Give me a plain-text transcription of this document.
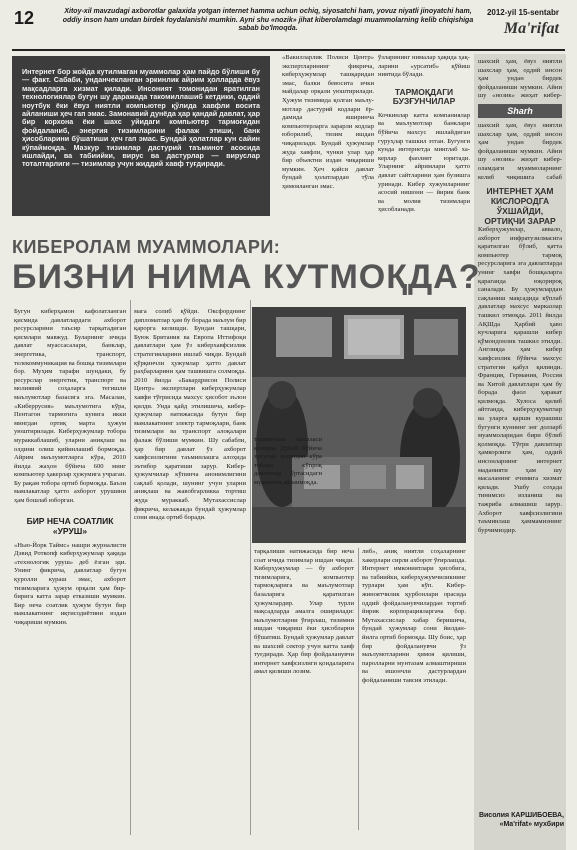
12	Xitoy-xil mavzudagi axborotlar galaxida yotgan internet hamma uchun ochiq, siyosatchi ham, yovuz niyatli jinoyatchi ham, oddiy inson ham undan birdek foydalanishi mumkin. Ayni shu «nozik» jihat kiberolamdagi muammolarning kelib chiqishiga sabab bo'lmoqda.
2012-yil 15-sentabr
Ma'rifat
Интернет бор жойда кутилмаган муаммолар ҳам пайдо бўлиши бу — факт. Сабаби, унданчекланган эркинлик айрим ҳолларда ёвуз мақсадларга хизмат қилади. Инсоният томонидан яратилган технологиялар бугун шу даражада такомиллашиб кетдики, оддий ноутбук ёки ёвуз ниятли компьютер қўлида хавфли восита айланиши ҳеч гап эмас. Замонавий дунёда ҳар қандай давлат, ҳар бир корхона ёки шахс уйидаги компьютер тармоғидан фойдаланиб, энергия тизимларини фалаж этиши, банк ҳисобларини бўшатиши ҳеч гап эмас. Бундай ҳолатлар кун сайин кўпаймоқда. Мазкур тизимлар дастурий таъминот асосида ишлайди, ва табиийки, вирус ва дастурлар — вируслар тоталтарлиги — тизимлар учун жиддий хавф туғдиради.
«Вакилларлик Полиси Центр» экспертларининг фикрича, киберҳужумлар ташқаридан эмас, балки бевосита ички майдалар орқали уюштирилади. Ҳужум тизимида қолган маълумотлар дастурий кодлари ёрдамида яширинча компьютерларга зарарли кодлар юборилиб, тизим ишдан чиқарилади. Бундай ҳужумлар жуда хавфли, чунки улар ҳар бир объектни издан чиқариши мумкин. Ҳеч қайси давлат бундай ҳолатлардан тўла ҳимояланган эмас.
ўзларининг нималар ҳақида ҳақларини «урсатиб» қўйиш ниятида бўлади.
ТАРМОҚДАГИ БУЗҒУНЧИЛАР
Кочкинлар катта компаниялар ва маълумотлар банклари бўйича махсус ишлайдиган гуруҳлар ташкил этган. Бугунги кунда интернетда минглаб хакерлар фаолият юритади. Уларнинг айримлари ҳатто давлат сайтларини ҳам бузишга уринади. Кибер хужумларнинг асосий нишони — йирик банк ва молия тизимлари ҳисобланади.
шахсий ҳам, ёвуз ниятли шахслар ҳам, оддий инсон ҳам ундан бирдек фойдаланиши мумкин. Айни шу «нозик» жиҳат кибер
Sharh
шахсий ҳам, ёвуз ниятли шахслар ҳам, оддий инсон ҳам ундан бирдек фойдаланиши мумкин. Айни шу «нозик» жиҳат кибероламдаги муаммоларнинг келиб чиқишига сабаб
ИНТЕРНЕТ ҲАМ КИСЛОРОДГА ЎХШАЙДИ, ОРТИҚЧИ ЗАРАР
Киберҳужумлар, аввало, ахборот инфратузилмасига қаратилган бўлиб, қатта компьютер тармоқ ресурсларига эга давлатларда унинг хавфи бошқаларга қараганда юқорироқ саналади. Бу ҳужумлардан сақланиш мақсадида кўплаб давлатлар махсус марказлар ташкил этмоқда. 2011 йилда АҚШда Ҳарбий ҳаво кучларига қарашли кибер қўмондонлик ташкил этилди. Англияда ҳам кибер хавфсизлик бўйича махсус стратегия қабул қилинди. Франция, Германия, Россия ва Хитой давлатлари ҳам бу борада фаол ҳаракат қилмоқда. Хулоса қилиб айтганда, киберҳуқуматлар ва уларга қарши курашиш бугунги куннинг энг долзарб муаммоларидан бири бўлиб қолмоқда. Тўғри давлатлар ҳамкорлиги ҳам, оддий инсонларнинг интернет маданияти ҳам шу масаланинг ечимига хизмат қилади. Ушбу соҳада тинимсиз изланиш ва тажриба алмашиш зарур. Ахборот хавфсизлигини таъминлаш ҳаммамизнинг бурчимиздир.
Висолия КАРШИБОЕВА,
«Ma'rifat» мухбири
КИБЕРОЛАМ МУАММОЛАРИ:
БИЗНИ НИМА КУТМОҚДА?
Бугун киберҳамон кафолатланган қисмида давлатлардаги ахборот ресурсларини таъсир тарқатадиган қисмлари мавжуд. Буларнинг ичида давлат муассасалари, банклар, энергетика, транспорт, телекоммуникация ва бошқа тизимлари бор. Муҳим тарафи шундаки, бу ресурслар энергетик, транспорт ва молиявий соҳаларга тегишли маълумотлар базасига эга. Масалан, «Киберрусия» маълумотига кўра, Пентагон тармоғига кунига икки мингдан ортиқ марта ҳужум уюштирилади. Киберҳужумлар тобора мураккаблашиб, уларни аниқлаш ва олдини олиш қийинлашиб бормоқда. Айрим маълумотларга кўра, 2010 йилда жаҳон бўйича 600 минг компьютер ҳакерлар ҳужумига учраган. Бу рақам тобора ортиб бормоқда. Баъзи мамлакатлар ҳатто ахборот урушини ҳам бошлаб юборган.
БИР НЕЧА СОАТЛИК «УРУШ»
«Нью-Йорк Таймс» нашри журналисти Дэвид Роткопф киберҳужумлар ҳақида «технологик уруш» деб ёзган эди. Унинг фикрича, давлатлар бугун қуролли кураш эмас, ахборот тизимларига ҳужум орқали ҳам бир-бирига катта зарар етказиши мумкин. Бир неча соатлик ҳужум бутун бир мамлакатнинг иқтисодиётини издан чиқариши мумкин.
мага солиб қўйди. Оксфорднинг дипломатлар ҳам бу борада маълум бир қарорга келишди. Бундан ташқари, Буюк Британия ва Европа Иттифоқи давлатлари ҳам ўз киберхавфсизлик стратегияларини ишлаб чиқди. Бундай қўрқинчли ҳужумлар ҳатто давлат раҳбарларини ҳам ташвишга солмоқда. 2010 йилда «Бакардрисон Полиси Центр» экспертлари киберҳужумлар хавфи тўғрисида махсус ҳисобот эълон қилди. Унда қайд этилишича, киберҳужумлар натижасида бутун бир мамлакатнинг электр тармоқлари, банк тизимлари ва транспорт алоқалари фалаж бўлиши мумкин. Шу сабабли, ҳар бир давлат ўз ахборот хавфсизлигини таъминлашга алоҳида эътибор қаратиши зарур. Киберҳужумчилар кўпинча анонимлигини сақлаб қолади, шунинг учун уларни аниқлаш ва жавобгарликка тортиш жуда мураккаб. Мутахассислар фикрича, келажакда бундай ҳужумлар сони янада ортиб боради.
таҳминлаш масаласи қозирда Дубай бўйича хусусий ҳолатдан кўра тобора кўпроқ давлатлар ўртасидаги муаммога айланмоқда.
тарқалиши натижасида бир неча соат ичида тизимлар ишдан чиқди. Киберҳужумлар — бу ахборот тизимларига, компьютер тармоқларига ва маълумотлар базаларига қаратилган ҳужумлардир. Улар турли мақсадларда амалга оширилади: маълумотларни ўғирлаш, тизимни ишдан чиқариш ёки ҳисобларни бўшатиш. Бундай ҳужумлар давлат ва шахсий сектор учун катта хавф туғдиради. Ҳар бир фойдаланувчи интернет хавфсизлиги қоидаларига амал қилиши лозим.
либ», аниқ ниятли соҳаларнинг хакерлари сирли ахборот ўғирлашда. Интернет имкониятлари ҳисобига, ва табиийки, киберҳужумчиликнинг турлари ҳам кўп. Кибержиноятчилик қурбонлари орасида оддий фойдаланувчилардан тортиб йирик корпорацияларгача бор. Мутахассислар хабар беришича, бундай ҳужумлар сони йилдан-йилга ортиб бормоқда. Шу боис, ҳар бир фойдаланувчи ўз маълумотларини ҳимоя қилиши, паролларни мунтазам алмаштириши ва ишончли дастурлардан фойдаланиши тавсия этилади.
